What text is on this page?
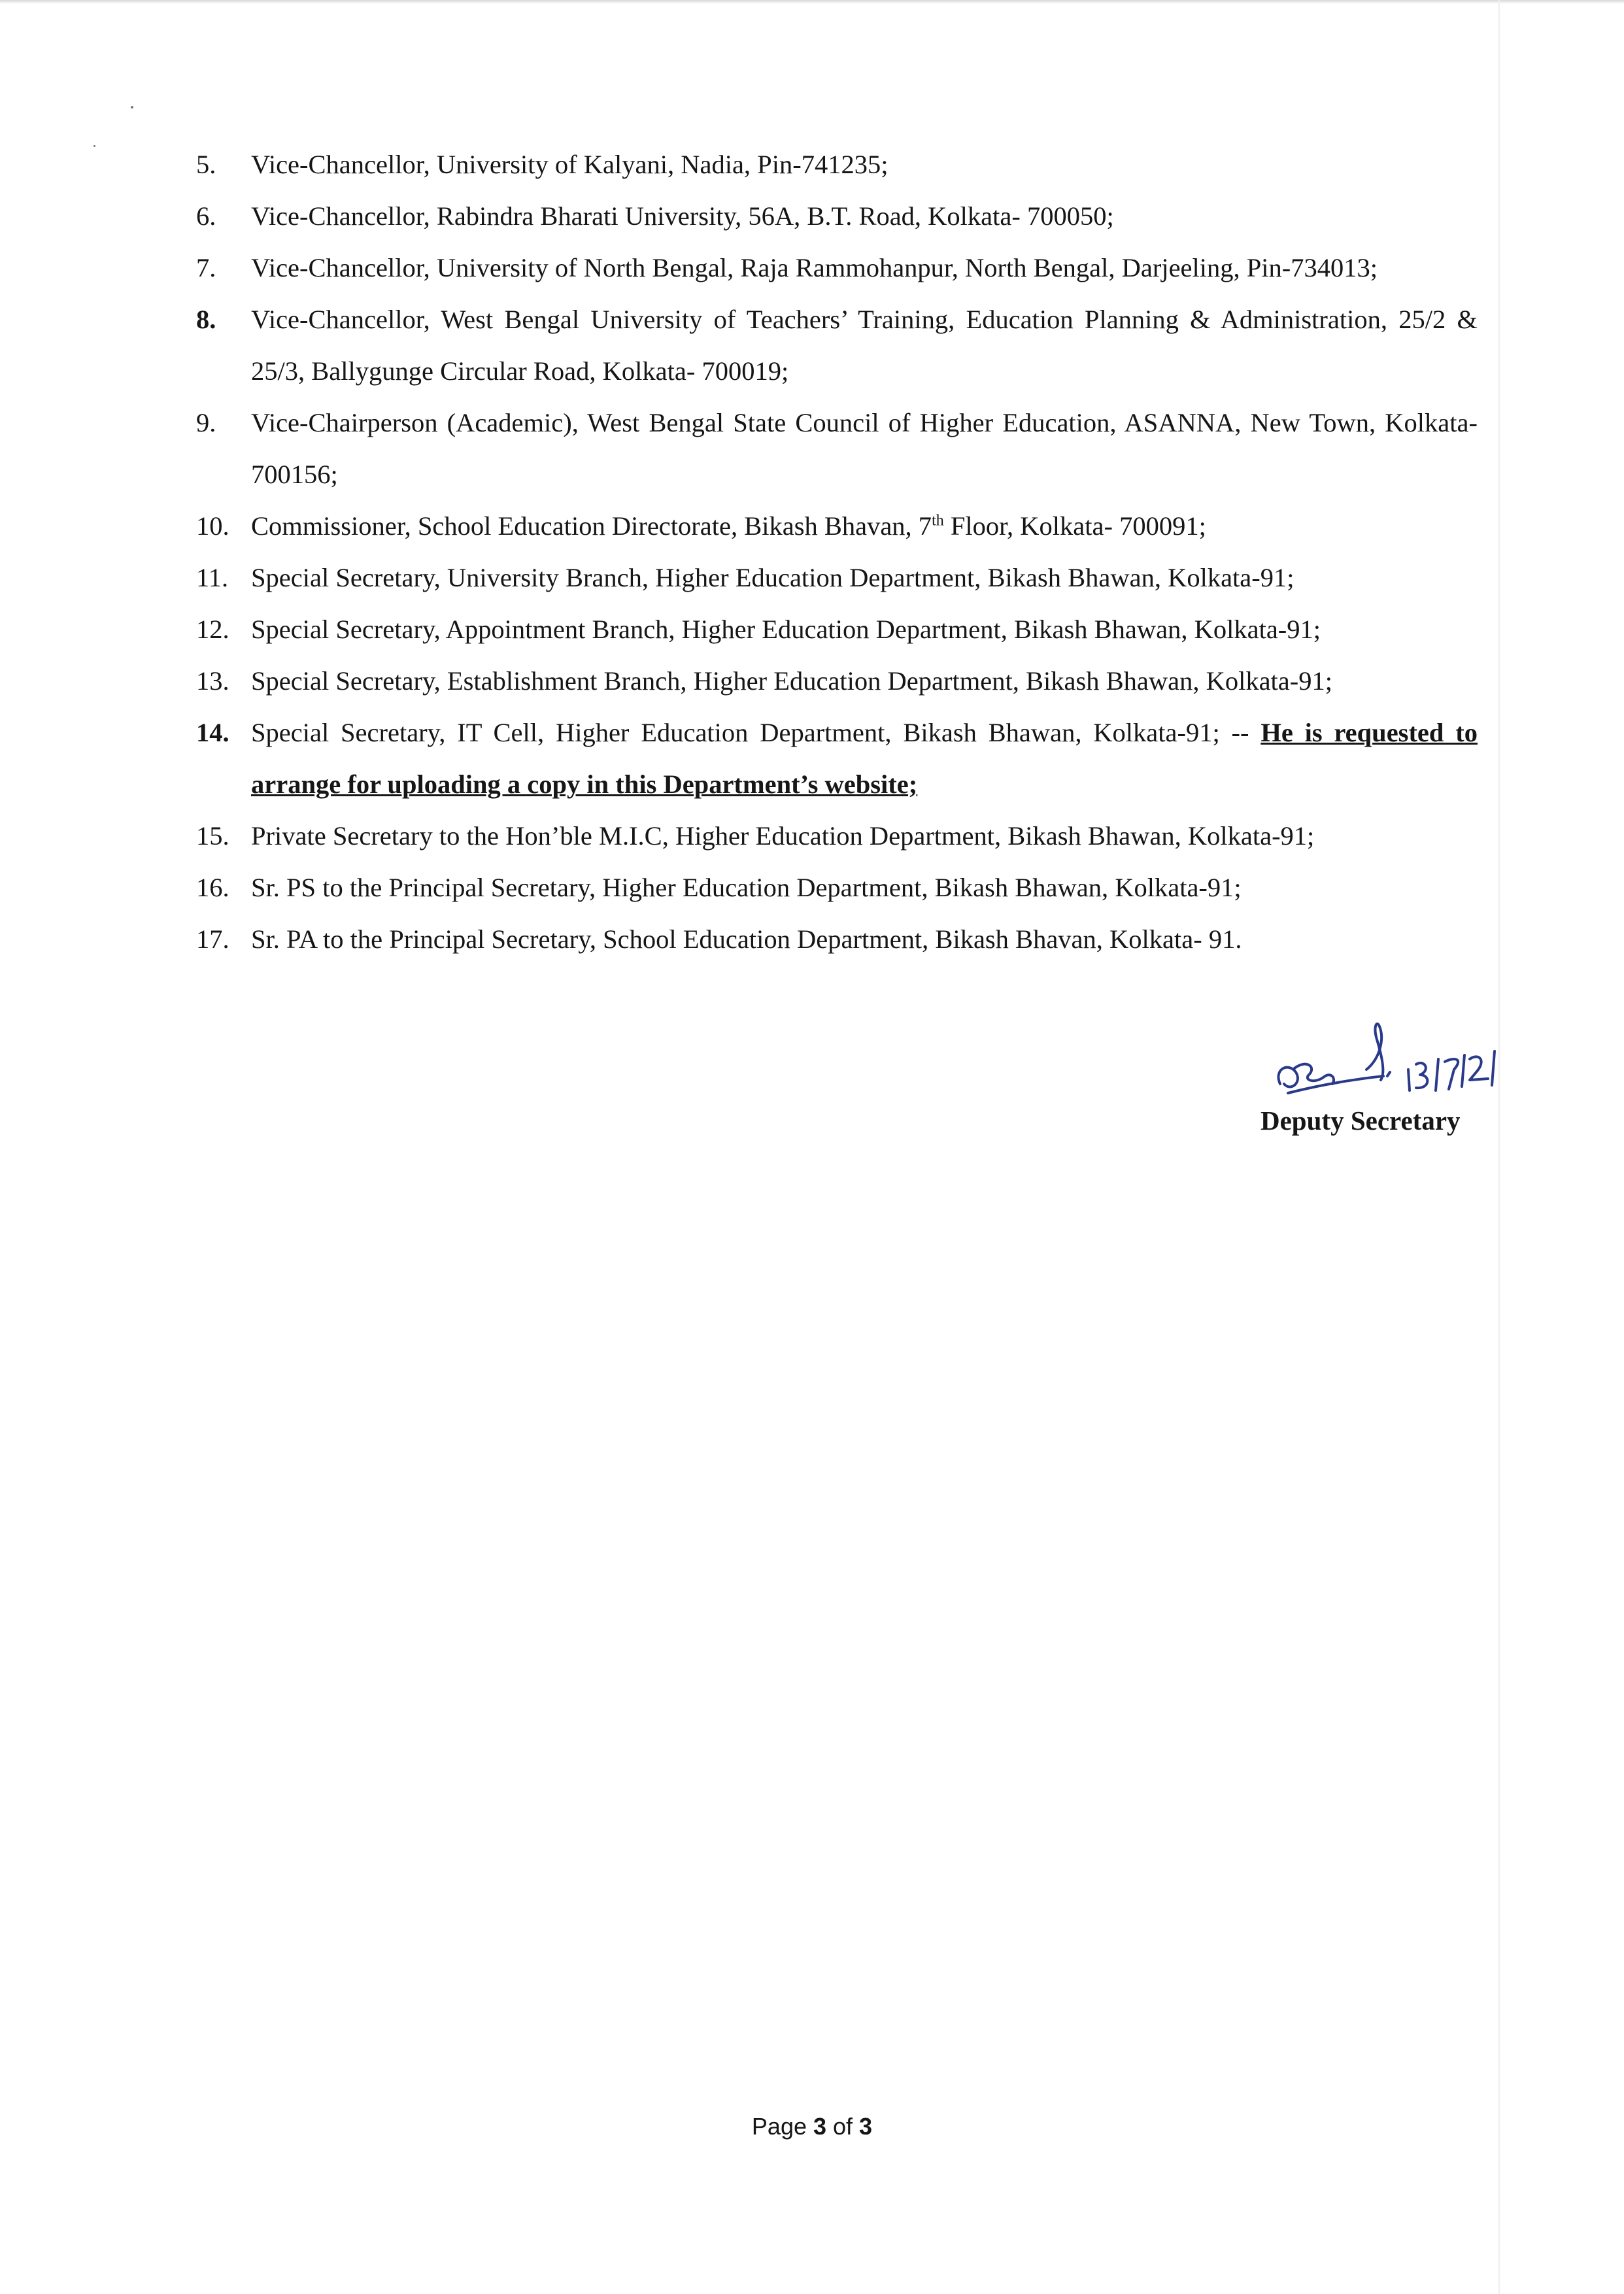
5.	Vice-Chancellor, University of Kalyani, Nadia, Pin-741235;
6.	Vice-Chancellor, Rabindra Bharati University, 56A, B.T. Road, Kolkata- 700050;
7.	Vice-Chancellor, University of North Bengal, Raja Rammohanpur, North Bengal, Darjeeling, Pin-734013;
8.	Vice-Chancellor, West Bengal University of Teachers’ Training, Education Planning & Administration, 25/2 & 25/3, Ballygunge Circular Road, Kolkata- 700019;
9.	Vice-Chairperson (Academic), West Bengal State Council of Higher Education, ASANNA, New Town, Kolkata- 700156;
10. Commissioner, School Education Directorate, Bikash Bhavan, 7th Floor, Kolkata- 700091;
11. Special Secretary, University Branch, Higher Education Department, Bikash Bhawan, Kolkata-91;
12. Special Secretary, Appointment Branch, Higher Education Department, Bikash Bhawan, Kolkata-91;
13. Special Secretary, Establishment Branch, Higher Education Department, Bikash Bhawan, Kolkata-91;
14. Special Secretary, IT Cell, Higher Education Department, Bikash Bhawan, Kolkata-91; -- He is requested to arrange for uploading a copy in this Department’s website;
15. Private Secretary to the Hon’ble M.I.C, Higher Education Department, Bikash Bhawan, Kolkata-91;
16. Sr. PS to the Principal Secretary, Higher Education Department, Bikash Bhawan, Kolkata-91;
17. Sr. PA to the Principal Secretary, School Education Department, Bikash Bhavan, Kolkata- 91.
Deputy Secretary
Page 3 of 3
